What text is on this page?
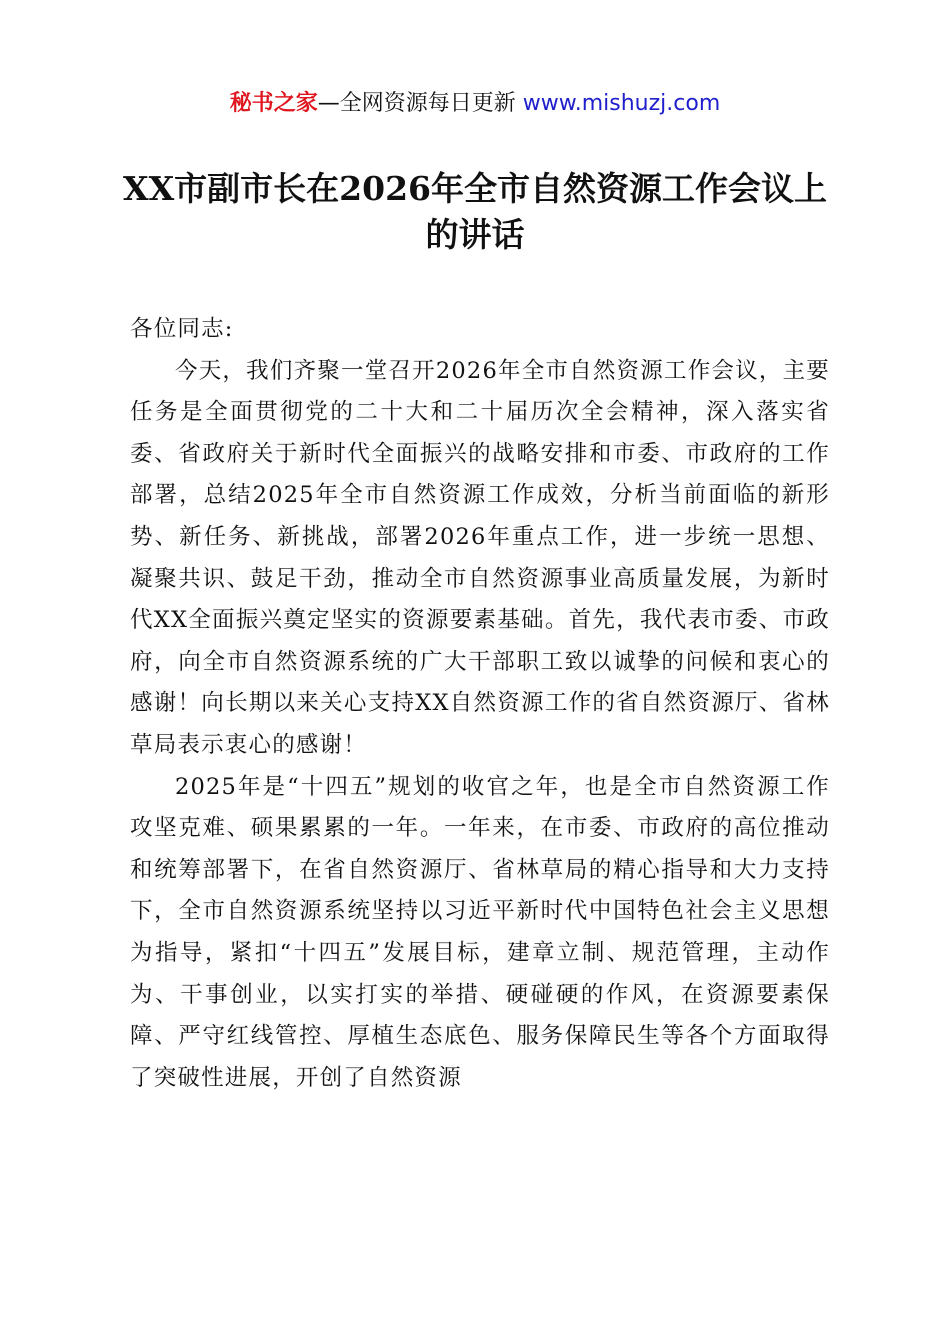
秘书之家—全网资源每日更新 www.mishuzj.com
XX市副市长在2026年全市自然资源工作会议上的讲话

各位同志:

今天，我们齐聚一堂召开2026年全市自然资源工作会议，主要任务是全面贯彻党的二十大和二十届历次全会精神，深入落实省委、省政府关于新时代全面振兴的战略安排和市委、市政府的工作部署，总结2025年全市自然资源工作成效，分析当前面临的新形势、新任务、新挑战，部署2026年重点工作，进一步统一思想、凝聚共识、鼓足干劲，推动全市自然资源事业高质量发展，为新时代XX全面振兴奠定坚实的资源要素基础。首先，我代表市委、市政府，向全市自然资源系统的广大干部职工致以诚挚的问候和衷心的感谢！向长期以来关心支持XX自然资源工作的省自然资源厅、省林草局表示衷心的感谢！

2025年是“十四五”规划的收官之年，也是全市自然资源工作攻坚克难、硕果累累的一年。一年来，在市委、市政府的高位推动和统筹部署下，在省自然资源厅、省林草局的精心指导和大力支持下，全市自然资源系统坚持以习近平新时代中国特色社会主义思想为指导，紧扣“十四五”发展目标，建章立制、规范管理，主动作为、干事创业，以实打实的举措、硬碰硬的作风，在资源要素保障、严守红线管控、厚植生态底色、服务保障民生等各个方面取得了突破性进展，开创了自然资源
